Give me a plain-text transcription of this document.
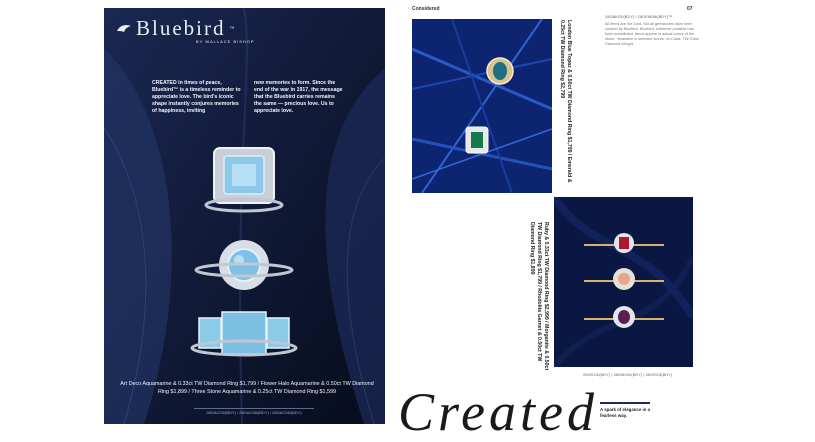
Bluebird ™
BY WALLACE BISHOP
CREATED in times of peace, Bluebird™ is a timeless reminder to appreciate love. The bird's iconic shape instantly conjures memories of happiness, inviting
new memories to form. Since the end of the war in 1917, the message that the Bluebird carries remains the same — precious love. Us to appreciate love.
Art Deco Aquamarine & 0.33ct TW Diamond Ring $1,799 / Flower Halo Aquamarine & 0.50ct TW Diamond Ring $1,899 / Three Stone Aquamarine & 0.25ct TW Diamond Ring $1,599
28GAC03/(BDY) / 28GAC08/(BDY) / 28GAC08/(BDY)
Considered	07
London Blue Topaz & 0.50ct TW Diamond Ring $1,799 / Emerald & 0.25ct TW Diamond Ring $2,799
28GBK03/(BDY) / 28GEM0B/(BDY)™
All items are 9ct Gold. Not all gemstones have been created by Bluebird. Bluebird, wherever possible has been substituted. Items appear in actual colour of the stone. *Available in selected stores. ct=Carat. TW=Total Diamond Weight.
Ruby & 0.33ct TW Diamond Ring $2,999 / Morganite & 0.50ct TW Diamond Ring $1,799 / Rhodolite Garnet & 0.50ct TW Diamond Ring $1,899
28GRZ3/(BDY) / 28GMGA/(BDY) / 28GRG3(BDY)
Created A spark of elegance in a fearless way.
